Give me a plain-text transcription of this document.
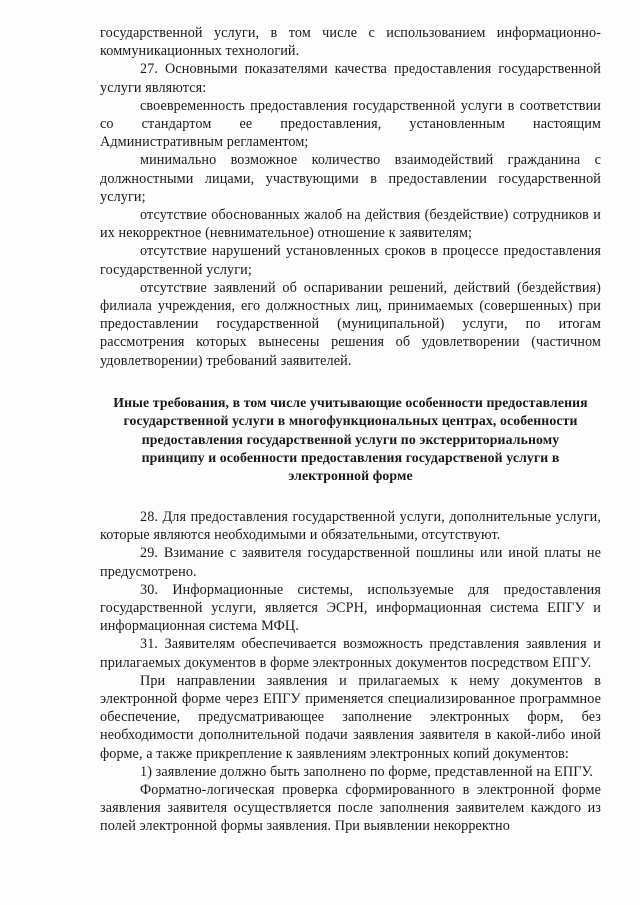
государственной услуги, в том числе с использованием информационно-коммуникационных технологий.

27. Основными показателями качества предоставления государственной услуги являются:

своевременность предоставления государственной услуги в соответствии со стандартом ее предоставления, установленным настоящим Административным регламентом;

минимально возможное количество взаимодействий гражданина с должностными лицами, участвующими в предоставлении государственной услуги;

отсутствие обоснованных жалоб на действия (бездействие) сотрудников и их некорректное (невнимательное) отношение к заявителям;

отсутствие нарушений установленных сроков в процессе предоставления государственной услуги;

отсутствие заявлений об оспаривании решений, действий (бездействия) филиала учреждения, его должностных лиц, принимаемых (совершенных) при предоставлении государственной (муниципальной) услуги, по итогам рассмотрения которых вынесены решения об удовлетворении (частичном удовлетворении) требований заявителей.

Иные требования, в том числе учитывающие особенности предоставления государственной услуги в многофункциональных центрах, особенности предоставления государственной услуги по экстерриториальному принципу и особенности предоставления государственой услуги в электронной форме

28. Для предоставления государственной услуги, дополнительные услуги, которые являются необходимыми и обязательными, отсутствуют.

29. Взимание с заявителя государственной пошлины или иной платы не предусмотрено.

30. Информационные системы, используемые для предоставления государственной услуги, является ЭСРН, информационная система ЕПГУ и информационная система МФЦ.

31. Заявителям обеспечивается возможность представления заявления и прилагаемых документов в форме электронных документов посредством ЕПГУ.

При направлении заявления и прилагаемых к нему документов в электронной форме через ЕПГУ применяется специализированное программное обеспечение, предусматривающее заполнение электронных форм, без необходимости дополнительной подачи заявления заявителя в какой-либо иной форме, а также прикрепление к заявлениям электронных копий документов:

1) заявление должно быть заполнено по форме, представленной на ЕПГУ.

Форматно-логическая проверка сформированного в электронной форме заявления заявителя осуществляется после заполнения заявителем каждого из полей электронной формы заявления. При выявлении некорректно
